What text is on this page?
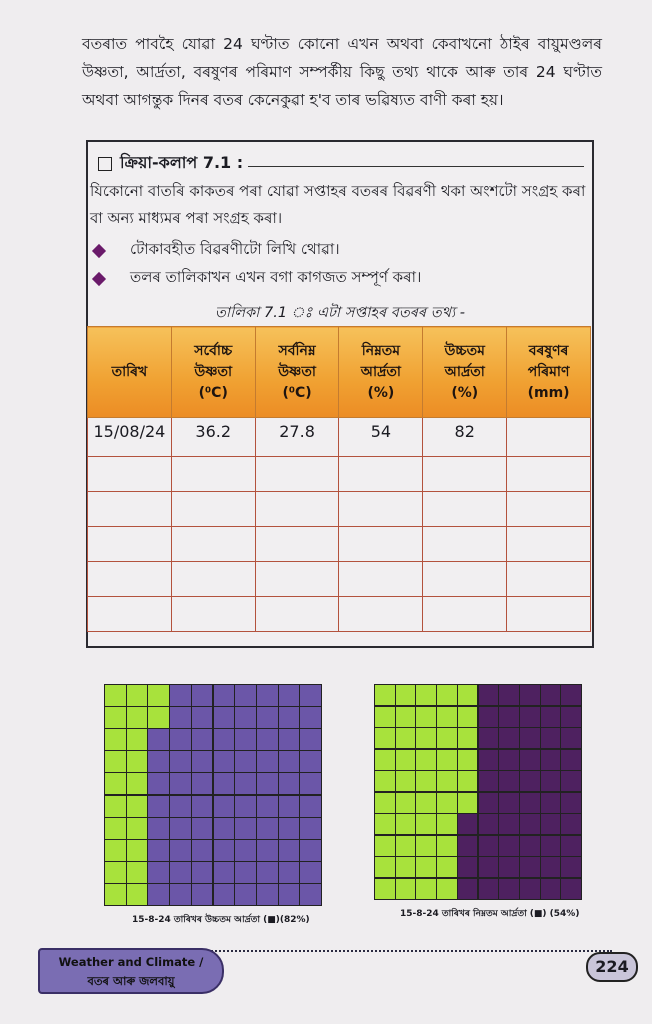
বতৰাত পাবহৈ যোৱা 24 ঘণ্টাত কোনো এখন অথবা কেবাখনো ঠাইৰ বায়ুমণ্ডলৰ উষ্ণতা, আৰ্দ্ৰতা, বৰষুণৰ পৰিমাণ সম্পৰ্কীয় কিছু তথ্য থাকে আৰু তাৰ 24 ঘণ্টাত অথবা আগন্তুক দিনৰ বতৰ কেনেকুৱা হ'ব তাৰ ভৱিষ্যত বাণী কৰা হয়।
ক্ৰিয়া-কলাপ 7.1 :
যিকোনো বাতৰি কাকতৰ পৰা যোৱা সপ্তাহৰ বতৰৰ বিৱৰণী থকা অংশটো সংগ্ৰহ কৰা বা অন্য মাধ্যমৰ পৰা সংগ্ৰহ কৰা।
টোকাবহীত বিৱৰণীটো লিখি থোৱা।
তলৰ তালিকাখন এখন বগা কাগজত সম্পূৰ্ণ কৰা।
তালিকা 7.1 ঃ এটা সপ্তাহৰ বতৰৰ তথ্য -
তাৰিখ	সৰ্বোচ্চ
উষ্ণতা
(⁰C)	সৰ্বনিম্ন
উষ্ণতা
(⁰C)	নিম্নতম
আৰ্দ্ৰতা
(%)	উচ্চতম
আৰ্দ্ৰতা
(%)	বৰষুণৰ
পৰিমাণ
(mm)
15/08/24	36.2	27.8	54	82	

15-8-24 তাৰিখৰ উচ্চতম আৰ্দ্ৰতা (■)(82%)
15-8-24 তাৰিখৰ নিম্নতম আৰ্দ্ৰতা (■) (54%)
Weather and Climate /
বতৰ আৰু জলবায়ু
224
